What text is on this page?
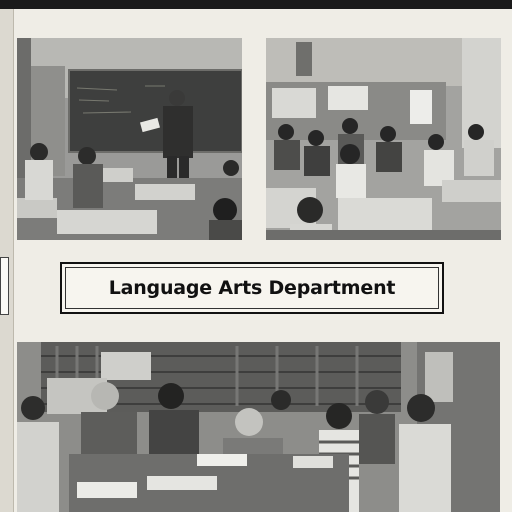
Language Arts Department
